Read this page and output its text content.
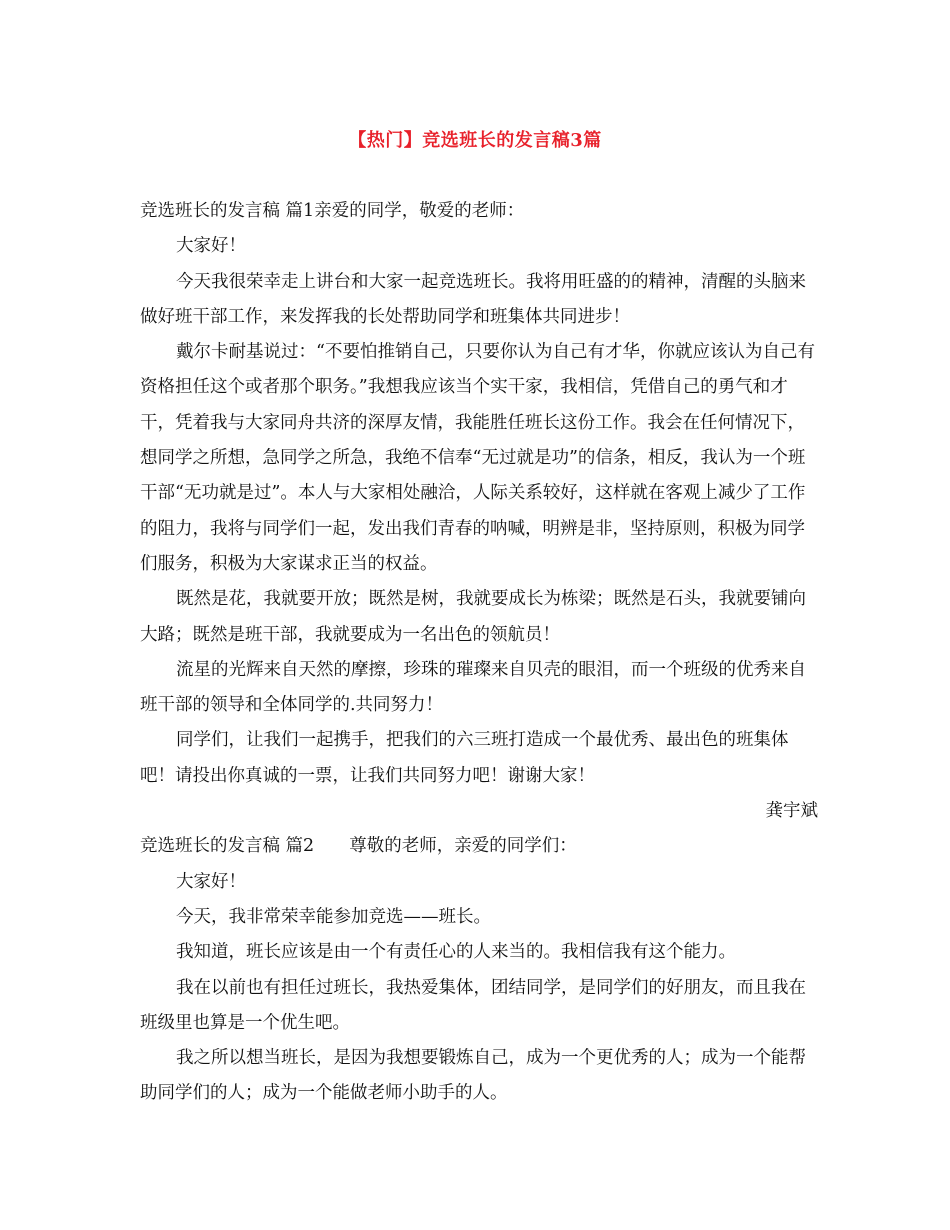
【热门】竞选班长的发言稿3篇

竞选班长的发言稿 篇1亲爱的同学，敬爱的老师：

大家好！

今天我很荣幸走上讲台和大家一起竞选班长。我将用旺盛的的精神，清醒的头脑来做好班干部工作，来发挥我的长处帮助同学和班集体共同进步！

戴尔卡耐基说过：“不要怕推销自己，只要你认为自己有才华，你就应该认为自己有资格担任这个或者那个职务。”我想我应该当个实干家，我相信，凭借自己的勇气和才干，凭着我与大家同舟共济的深厚友情，我能胜任班长这份工作。我会在任何情况下，想同学之所想，急同学之所急，我绝不信奉“无过就是功”的信条，相反，我认为一个班干部“无功就是过”。本人与大家相处融洽，人际关系较好，这样就在客观上减少了工作的阻力，我将与同学们一起，发出我们青春的呐喊，明辨是非，坚持原则，积极为同学们服务，积极为大家谋求正当的权益。

既然是花，我就要开放；既然是树，我就要成长为栋梁；既然是石头，我就要铺向大路；既然是班干部，我就要成为一名出色的领航员！

流星的光辉来自天然的摩擦，珍珠的璀璨来自贝壳的眼泪，而一个班级的优秀来自班干部的领导和全体同学的.共同努力！

同学们，让我们一起携手，把我们的六三班打造成一个最优秀、最出色的班集体吧！请投出你真诚的一票，让我们共同努力吧！谢谢大家！

龚宇斌

竞选班长的发言稿 篇2　　尊敬的老师，亲爱的同学们：

大家好！

今天，我非常荣幸能参加竞选——班长。

我知道，班长应该是由一个有责任心的人来当的。我相信我有这个能力。

我在以前也有担任过班长，我热爱集体，团结同学，是同学们的好朋友，而且我在班级里也算是一个优生吧。

我之所以想当班长，是因为我想要锻炼自己，成为一个更优秀的人；成为一个能帮助同学们的人；成为一个能做老师小助手的人。
